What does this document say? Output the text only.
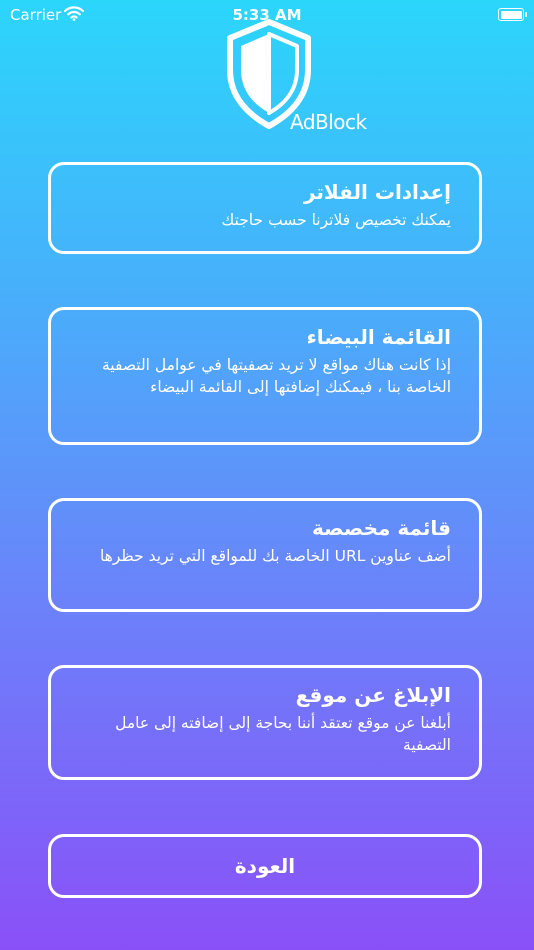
Carrier	5:33 AM
AdBlock
إعدادات الفلاتر
يمكنك تخصيص فلاترنا حسب حاجتك
القائمة البيضاء
إذا كانت هناك مواقع لا تريد تصفيتها في عوامل التصفية الخاصة بنا ، فيمكنك إضافتها إلى القائمة البيضاء
قائمة مخصصة
أضف عناوين URL الخاصة بك للمواقع التي تريد حظرها
الإبلاغ عن موقع
أبلغنا عن موقع تعتقد أننا بحاجة إلى إضافته إلى عامل التصفية
العودة
